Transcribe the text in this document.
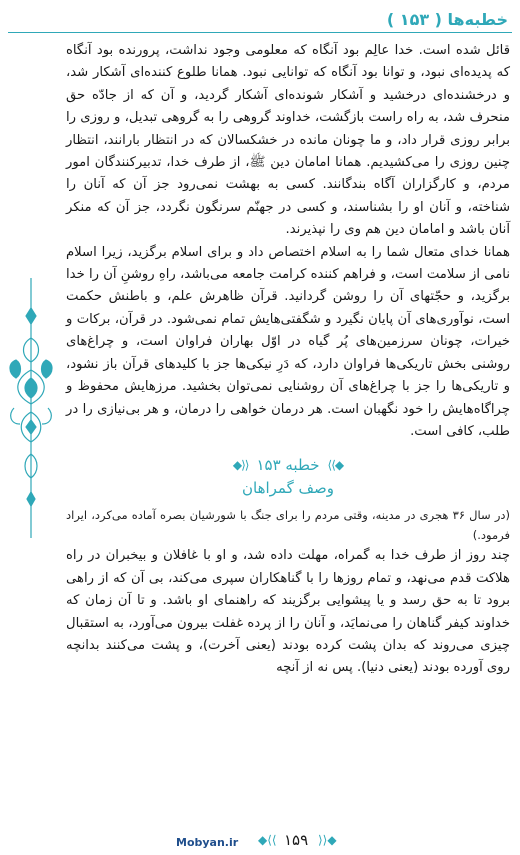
خطبه‌ها ( ۱۵۳ )

قائل شده است. خدا عالِم بود آنگاه که معلومی وجود نداشت، پرورنده بود آنگاه که پدیده‌ای نبود، و توانا بود آنگاه که توانایی نبود. همانا طلوع کننده‌ای آشکار شد، و درخشنده‌ای درخشید و آشکار شونده‌ای آشکار گردید، و آن که از جادّه حق منحرف شد، به راه راست بازگشت، خداوند گروهی را به گروهی تبدیل، و روزی را برابر روزی قرار داد، و ما چونان مانده در خشکسالان که در انتظار بارانند، انتظار چنین روزی را می‌کشیدیم. همانا امامان دین ﷺ، از طرف خدا، تدبیرکنندگان امور مردم، و کارگزاران آگاه بندگانند. کسی به بهشت نمی‌رود جز آن که آنان را شناخته، و آنان او را بشناسند، و کسی در جهنّم سرنگون نگردد، جز آن که منکر آنان باشد و امامان دین هم وی را نپذیرند.

همانا خدای متعال شما را به اسلام اختصاص داد و برای اسلام برگزید، زیرا اسلام نامی از سلامت است، و فراهم کننده کرامت جامعه می‌باشد، راهِ روشنِ آن را خدا برگزید، و حجّتهای آن را روشن گردانید. قرآن ظاهرش علم، و باطنش حکمت است، نوآوری‌های آن پایان نگیرد و شگفتی‌هایش تمام نمی‌شود. در قرآن، برکات و خیرات، چونان سرزمین‌های پُر گیاه در اوّل بهاران فراوان است، و چراغ‌های روشنی بخش تاریکی‌ها فراوان دارد، که دَرِ نیکی‌ها جز با کلیدهای قرآن باز نشود، و تاریکی‌ها را جز با چراغ‌های آن روشنایی نمی‌توان بخشید. مرزهایش محفوظ و چراگاه‌هایش را خود نگهبان است. هر درمان خواهی را درمان، و هر بی‌نیازی را در طلب، کافی است.

◆⟩⟩
خطبه ۱۵۳
⟨⟨◆
وصف گمراهان

(در سال ۳۶ هجری در مدینه، وقتی مردم را برای جنگ با شورشیان بصره آماده می‌کرد، ایراد فرمود.)

چند روز از طرف خدا به گمراه، مهلت داده شد، و او با غافلان و بیخبران در راه هلاکت قدم می‌نهد، و تمام روزها را با گناهکاران سپری می‌کند، بی آن که از راهی برود تا به حق رسد و یا پیشوایی برگزیند که راهنمای او باشد. و تا آن زمان که خداوند کیفر گناهان را می‌نمایَد، و آنان را از پرده غفلت بیرون می‌آورد، به استقبال چیزی می‌روند که بدان پشت کرده بودند (یعنی آخرت)، و پشت می‌کنند بدانچه روی آورده بودند (یعنی دنیا). پس نه از آنچه

Mobyan.ir ⟩⟩◆ ۱۵۹ ◆⟨⟨
